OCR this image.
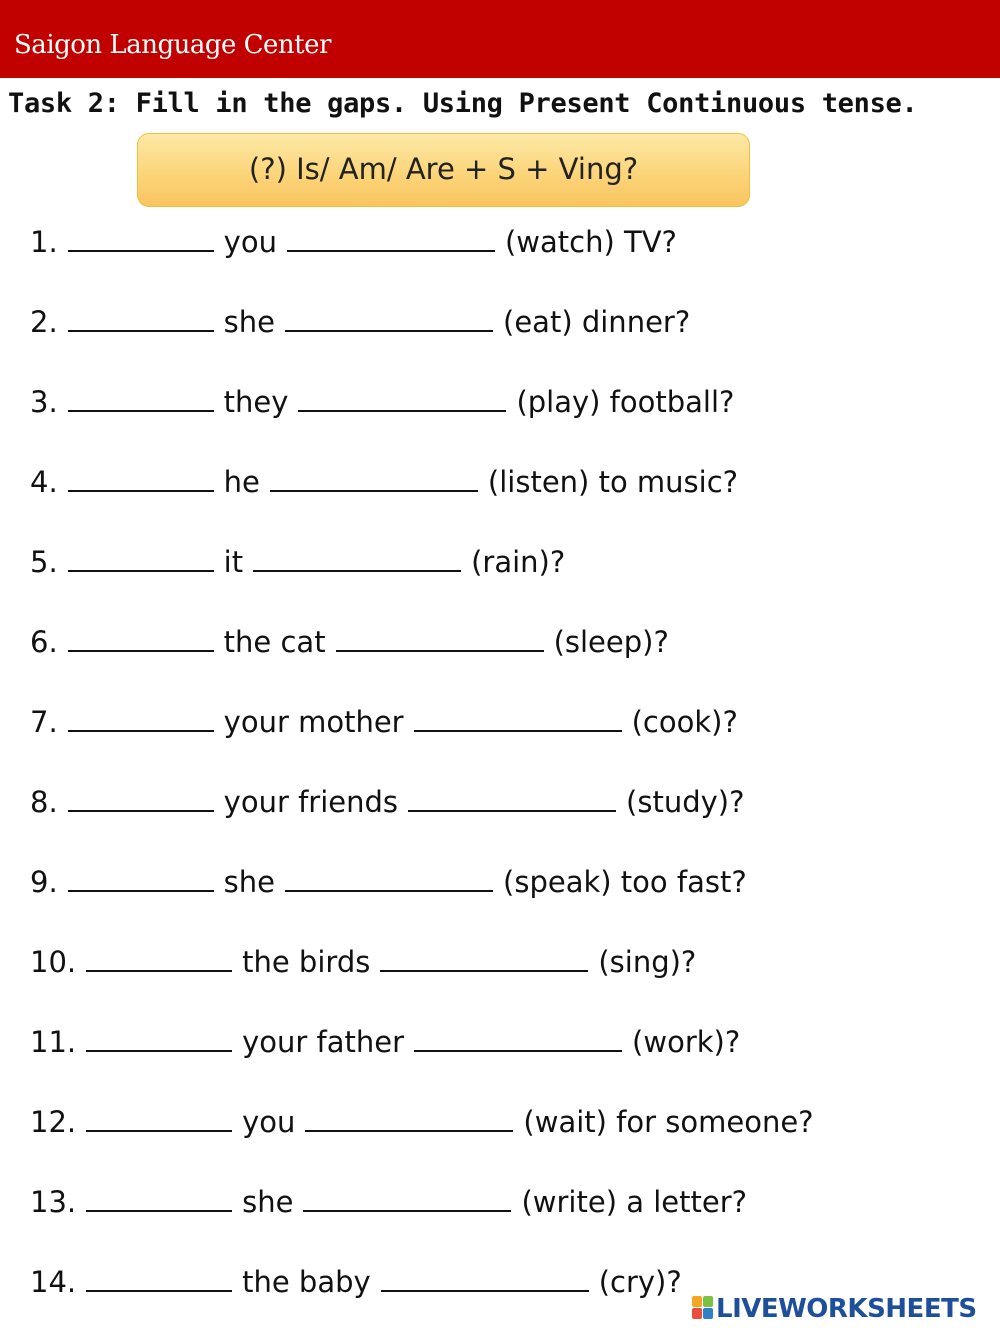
Saigon Language Center
Task 2: Fill in the gaps. Using Present Continuous tense.
(?) Is/ Am/ Are + S + Ving?
1.	you	(watch) TV?
2.	she	(eat) dinner?
3.	they	(play) football?
4.	he	(listen) to music?
5.	it	(rain)?
6.	the cat	(sleep)?
7.	your mother	(cook)?
8.	your friends	(study)?
9.	she	(speak) too fast?
10.	the birds	(sing)?
11.	your father	(work)?
12.	you	(wait) for someone?
13.	she	(write) a letter?
14.	the baby	(cry)?
LIVEWORKSHEETS
